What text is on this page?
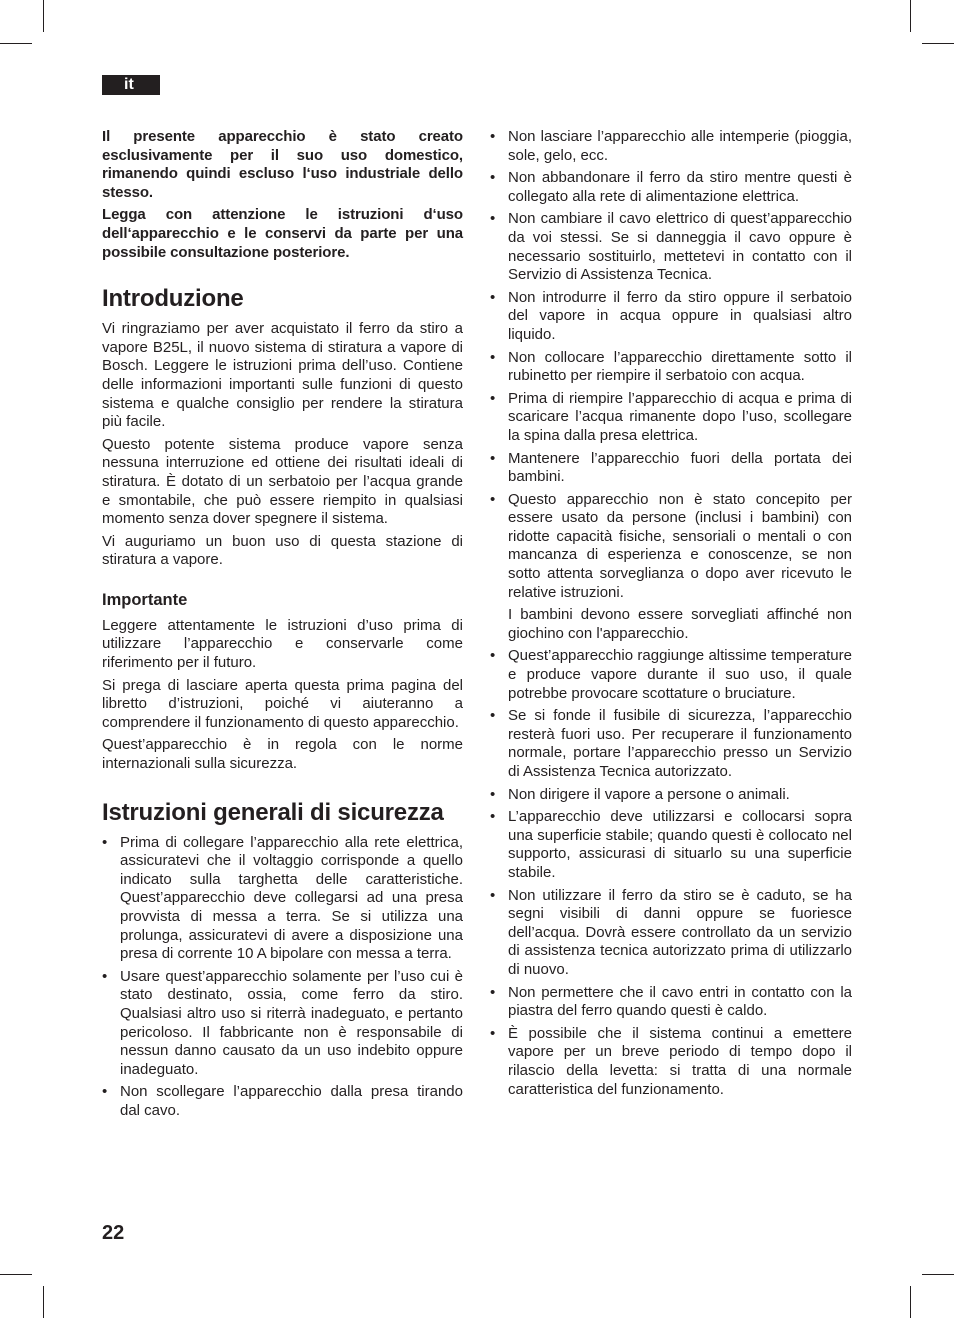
it

Il presente apparecchio è stato creato esclusivamente per il suo uso domestico, rimanendo quindi escluso l‘uso industriale dello stesso.

Legga con attenzione le istruzioni d‘uso dell‘apparecchio e le conservi da parte per una possibile consultazione posteriore.

Introduzione

Vi ringraziamo per aver acquistato il ferro da stiro a vapore B25L, il nuovo sistema di stiratura a vapore di Bosch. Leggere le istruzioni prima dell’uso. Contiene delle informazioni importanti sulle funzioni di questo sistema e qualche consiglio per rendere la stiratura più facile.

Questo potente sistema produce vapore senza nessuna interruzione ed ottiene dei risultati ideali di stiratura. È dotato di un serbatoio per l’acqua grande e smontabile, che può essere riempito in qualsiasi momento senza dover spegnere il sistema.

Vi auguriamo un buon uso di questa stazione di stiratura a vapore.

Importante

Leggere attentamente le istruzioni d’uso prima di utilizzare l’apparecchio e conservarle come riferimento per il futuro.

Si prega di lasciare aperta questa prima pagina del libretto d’istruzioni, poiché vi aiuteranno a comprendere il funzionamento di questo apparecchio.

Quest’apparecchio è in regola con le norme internazionali sulla sicurezza.

Istruzioni generali di sicurezza
• Prima di collegare l’apparecchio alla rete elettrica, assicuratevi che il voltaggio corrisponde a quello indicato sulla targhetta delle caratteristiche. Quest’apparecchio deve collegarsi ad una presa provvista di messa a terra. Se si utilizza una prolunga, assicuratevi di avere a disposizione una presa di corrente 10 A bipolare con messa a terra.

• Usare quest’apparecchio solamente per l’uso cui è stato destinato, ossia, come ferro da stiro. Qualsiasi altro uso si riterrà inadeguato, e pertanto pericoloso. Il fabbricante non è responsabile di nessun danno causato da un uso indebito oppure inadeguato.

• Non scollegare l’apparecchio dalla presa tirando dal cavo.

• Non lasciare l’apparecchio alle intemperie (pioggia, sole, gelo, ecc.

• Non abbandonare il ferro da stiro mentre questi è collegato alla rete di alimentazione elettrica.

• Non cambiare il cavo elettrico di quest’apparecchio da voi stessi. Se si danneggia il cavo oppure è necessario sostituirlo, mettetevi in contatto con il Servizio di Assistenza Tecnica.

• Non introdurre il ferro da stiro oppure il serbatoio del vapore in acqua oppure in qualsiasi altro liquido.

• Non collocare l’apparecchio direttamente sotto il rubinetto per riempire il serbatoio con acqua.

• Prima di riempire l’apparecchio di acqua e prima di scaricare l’acqua rimanente dopo l’uso, scollegare la spina dalla presa elettrica.

• Mantenere l’apparecchio fuori della portata dei bambini.

• Questo apparecchio non è stato concepito per essere usato da persone (inclusi i bambini) con ridotte capacità fisiche, sensoriali o mentali o con mancanza di esperienza e conoscenze, se non sotto attenta sorveglianza o dopo aver ricevuto le relative istruzioni.

I bambini devono essere sorvegliati affinché non giochino con l'apparecchio.

• Quest’apparecchio raggiunge altissime temperature e produce vapore durante il suo uso, il quale potrebbe provocare scottature o bruciature.

• Se si fonde il fusibile di sicurezza, l’apparecchio resterà fuori uso. Per recuperare il funzionamento normale, portare l’apparecchio presso un Servizio di Assistenza Tecnica autorizzato.

• Non dirigere il vapore a persone o animali.

• L’apparecchio deve utilizzarsi e collocarsi sopra una superficie stabile; quando questi è collocato nel supporto, assicurasi di situarlo su una superficie stabile.

• Non utilizzare il ferro da stiro se è caduto, se ha segni visibili di danni oppure se fuoriesce dell’acqua. Dovrà essere controllato da un servizio di assistenza tecnica autorizzato prima di utilizzarlo di nuovo.

• Non permettere che il cavo entri in contatto con la piastra del ferro quando questi è caldo.

• È possibile che il sistema continui a emettere vapore per un breve periodo di tempo dopo il rilascio della levetta: si tratta di una normale caratteristica del funzionamento.

22
